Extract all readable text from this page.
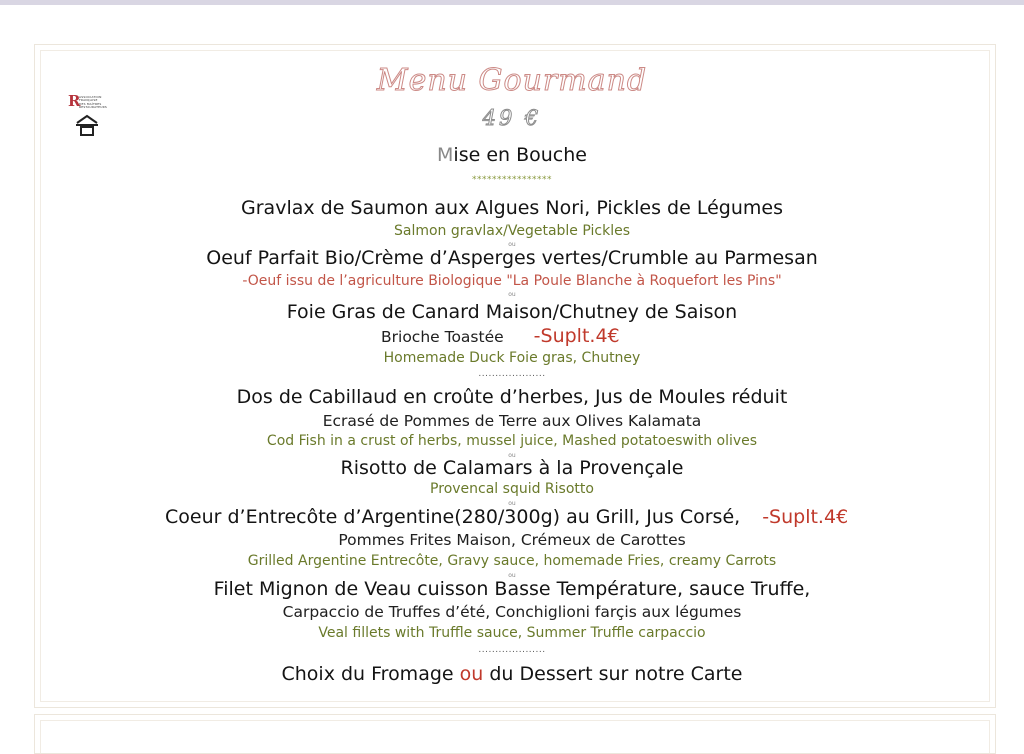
R
ASSOCIATION
FRANÇAISE
DES MAÎTRES
RESTAURATEURS
Menu Gourmand
49 €
Mise en Bouche
****************
Gravlax de Saumon aux Algues Nori, Pickles de Légumes
Salmon gravlax/Vegetable Pickles
ou
Oeuf Parfait Bio/Crème d’Asperges vertes/Crumble au Parmesan
-Oeuf issu de l’agriculture Biologique "La Poule Blanche à Roquefort les Pins"
ou
Foie Gras de Canard Maison/Chutney de Saison
Brioche Toastée -Suplt.4€
Homemade Duck Foie gras, Chutney
....................
Dos de Cabillaud en croûte d’herbes, Jus de Moules réduit
Ecrasé de Pommes de Terre aux Olives Kalamata
Cod Fish in a crust of herbs, mussel juice, Mashed potatoeswith olives
ou
Risotto de Calamars à la Provençale
Provencal squid Risotto
ou
Coeur d’Entrecôte d’Argentine(280/300g) au Grill, Jus Corsé, -Suplt.4€
Pommes Frites Maison, Crémeux de Carottes
Grilled Argentine Entrecôte, Gravy sauce, homemade Fries, creamy Carrots
ou
Filet Mignon de Veau cuisson Basse Température, sauce Truffe,
Carpaccio de Truffes d’été, Conchiglioni farçis aux légumes
Veal fillets with Truffle sauce, Summer Truffle carpaccio
....................
Choix du Fromage ou du Dessert sur notre Carte
